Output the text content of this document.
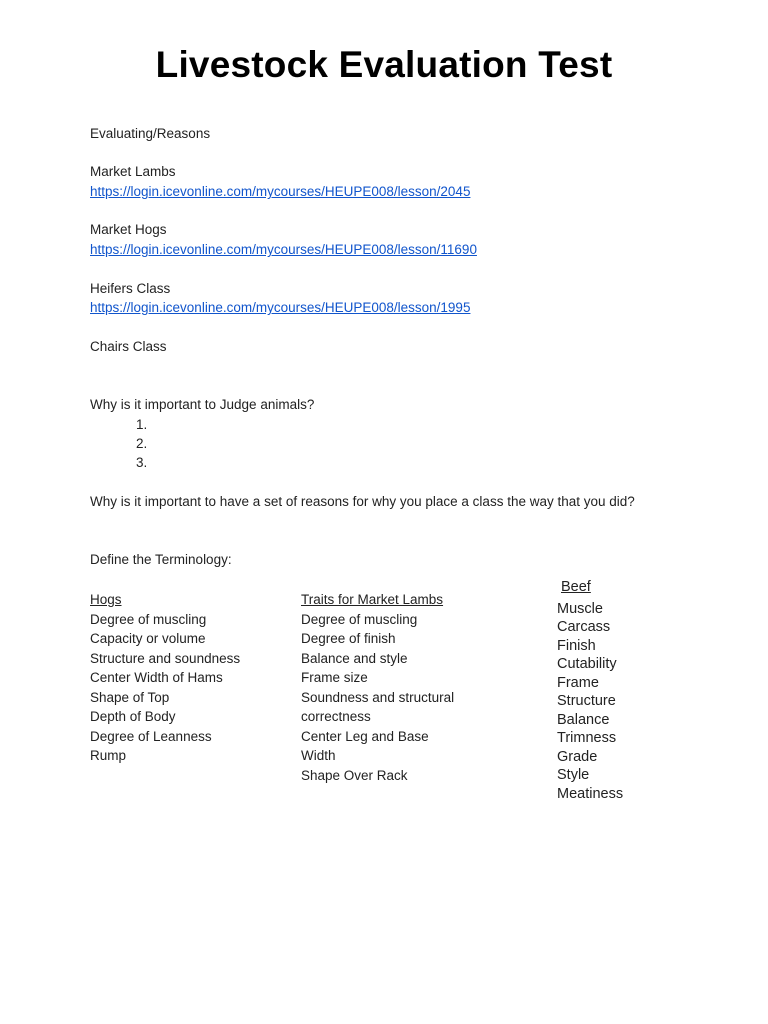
Livestock Evaluation Test
Evaluating/Reasons
Market Lambs
https://login.icevonline.com/mycourses/HEUPE008/lesson/2045
Market Hogs
https://login.icevonline.com/mycourses/HEUPE008/lesson/11690
Heifers Class
https://login.icevonline.com/mycourses/HEUPE008/lesson/1995
Chairs Class
Why is it important to Judge animals?
1.
2.
3.
Why is it important to have a set of reasons for why you place a class the way that you did?
Define the Terminology:
Hogs
Degree of muscling
Capacity or volume
Structure and soundness
Center Width of Hams
Shape of Top
Depth of Body
Degree of Leanness
Rump
Traits for Market Lambs
Degree of muscling
Degree of finish
Balance and style
Frame size
Soundness and structural
correctness
Center Leg and Base
Width
Shape Over Rack
Beef
Muscle
Carcass
Finish
Cutability
Frame
Structure
Balance
Trimness
Grade
Style
Meatiness
